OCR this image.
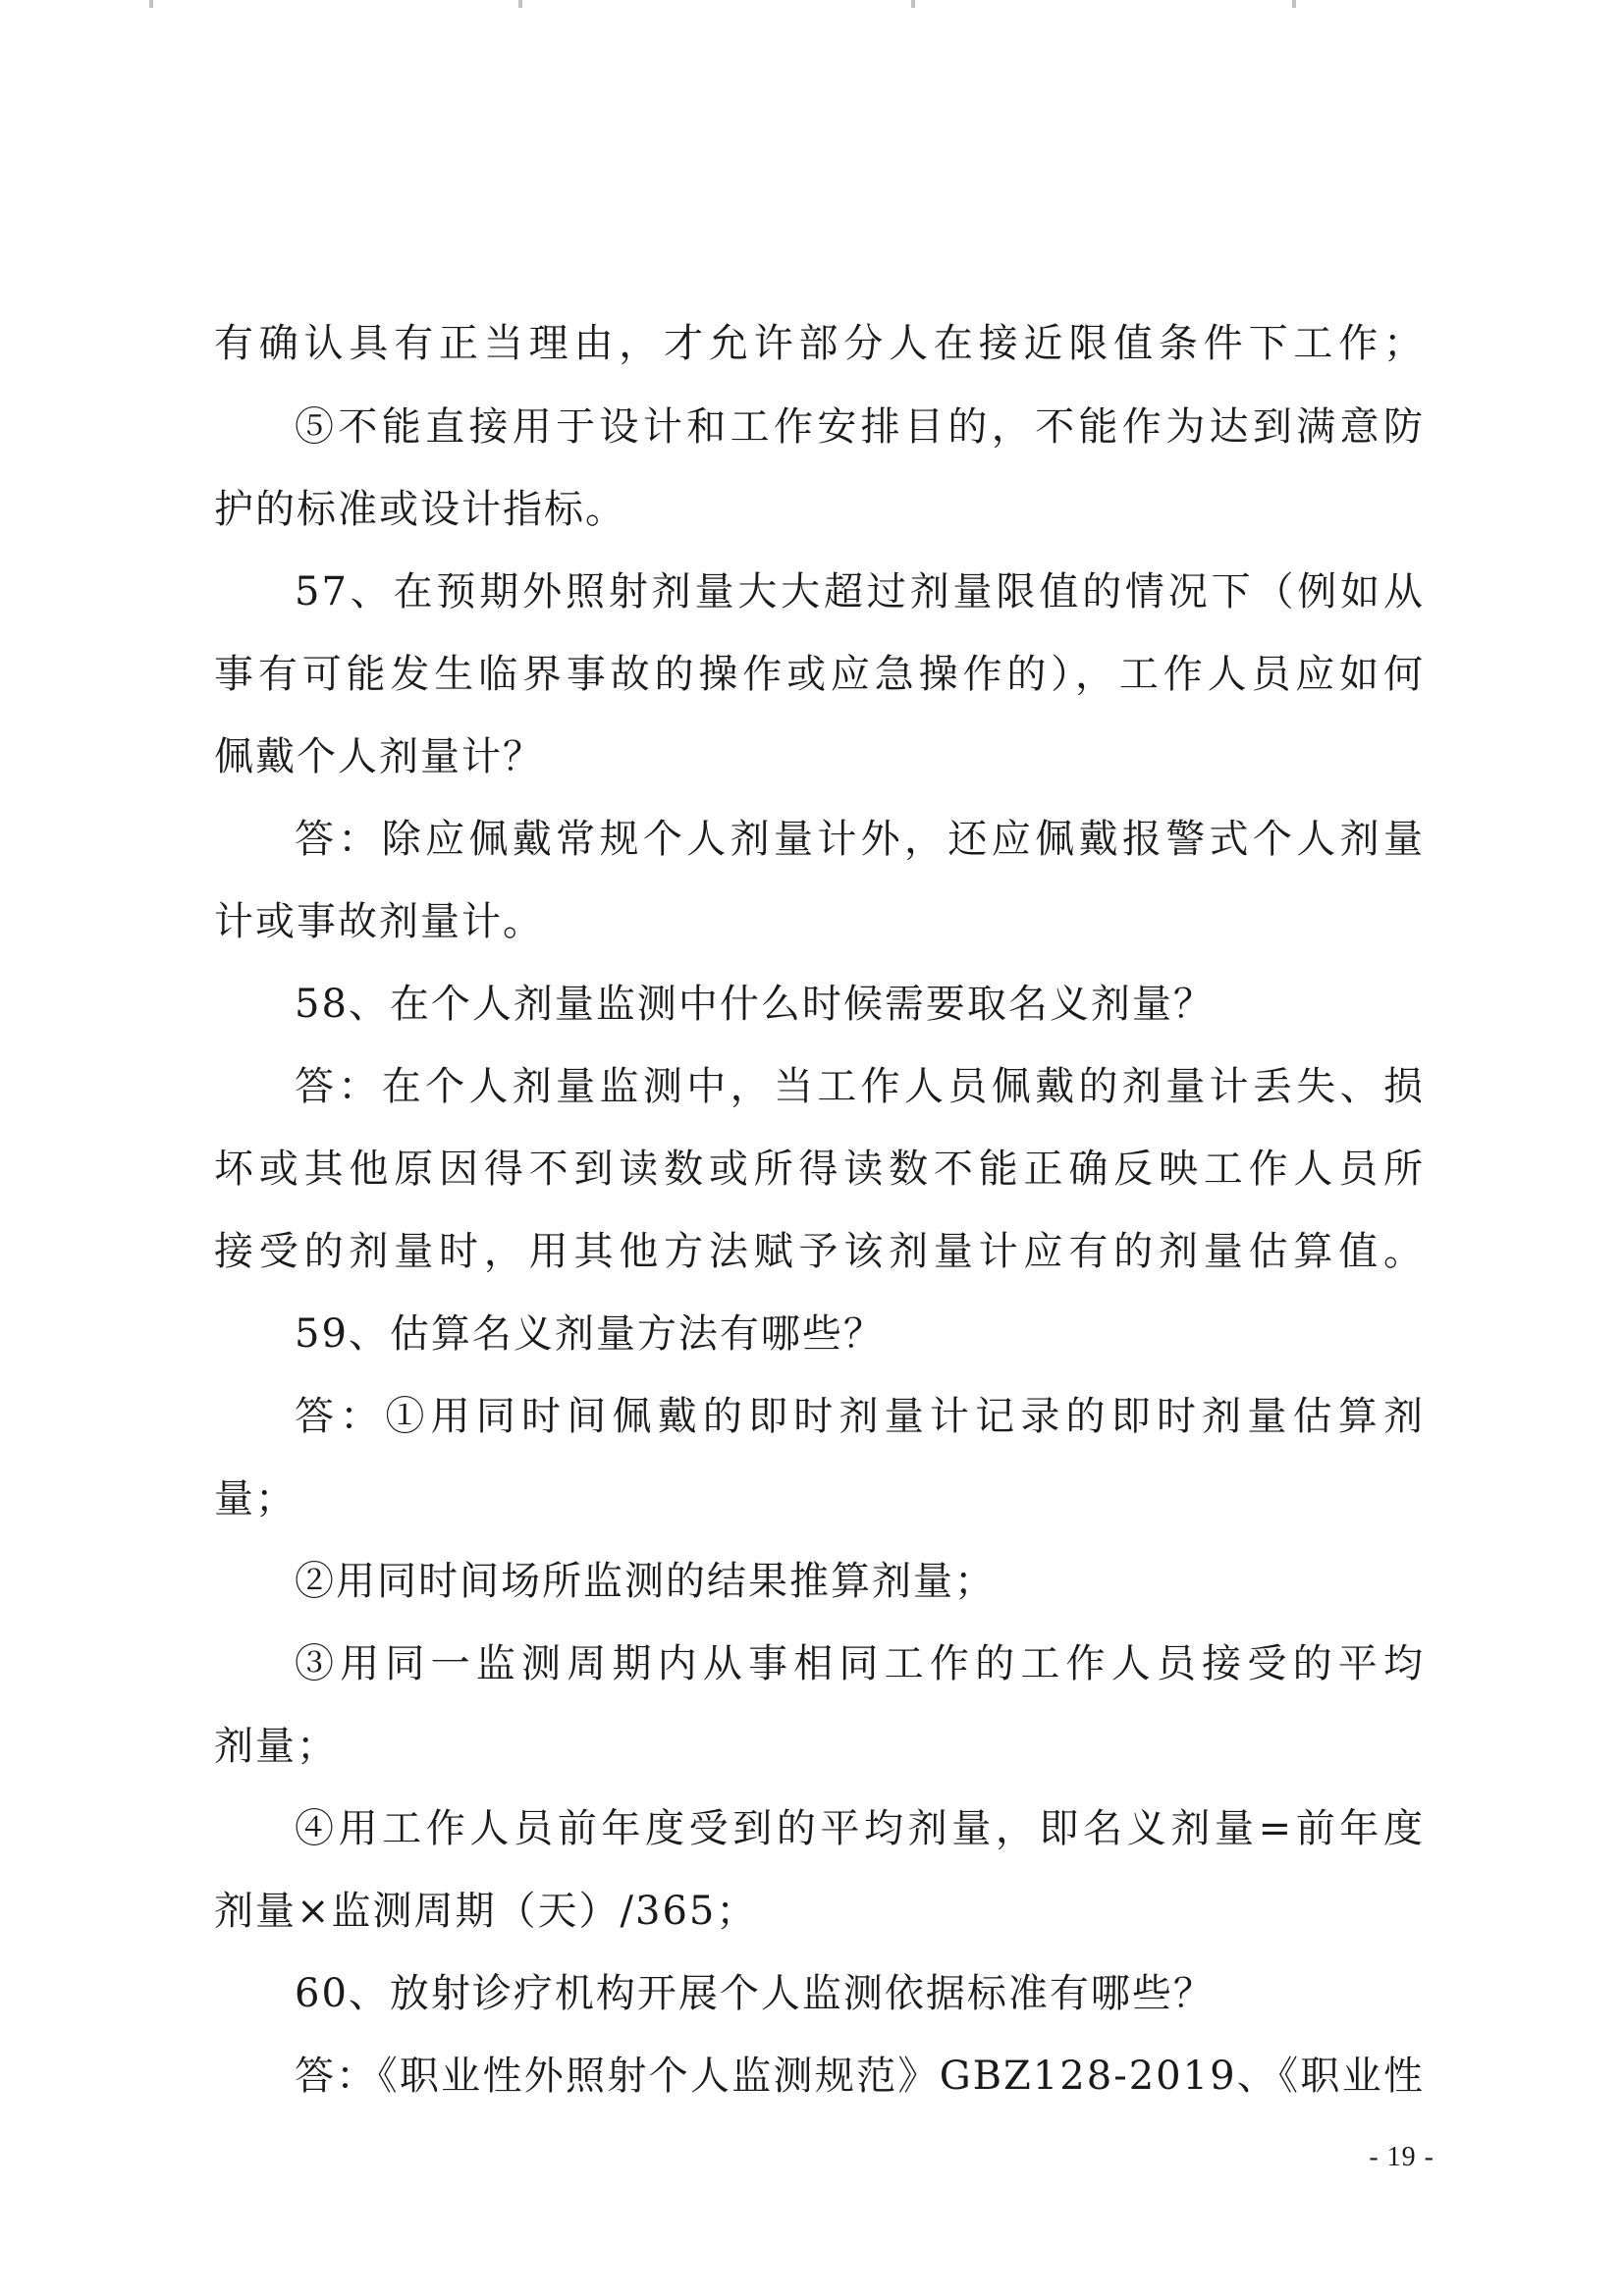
有确认具有正当理由，才允许部分人在接近限值条件下工作；
⑤不能直接用于设计和工作安排目的，不能作为达到满意防
护的标准或设计指标。
57、在预期外照射剂量大大超过剂量限值的情况下（例如从
事有可能发生临界事故的操作或应急操作的），工作人员应如何
佩戴个人剂量计？
答：除应佩戴常规个人剂量计外，还应佩戴报警式个人剂量
计或事故剂量计。
58、在个人剂量监测中什么时候需要取名义剂量？
答：在个人剂量监测中，当工作人员佩戴的剂量计丢失、损
坏或其他原因得不到读数或所得读数不能正确反映工作人员所
接受的剂量时，用其他方法赋予该剂量计应有的剂量估算值。
59、估算名义剂量方法有哪些？
答：①用同时间佩戴的即时剂量计记录的即时剂量估算剂
量；
②用同时间场所监测的结果推算剂量；
③用同一监测周期内从事相同工作的工作人员接受的平均
剂量；
④用工作人员前年度受到的平均剂量，即名义剂量=前年度
剂量×监测周期（天）/365；
60、放射诊疗机构开展个人监测依据标准有哪些？
答：《职业性外照射个人监测规范》GBZ128-2019、《职业性
- 19 -
